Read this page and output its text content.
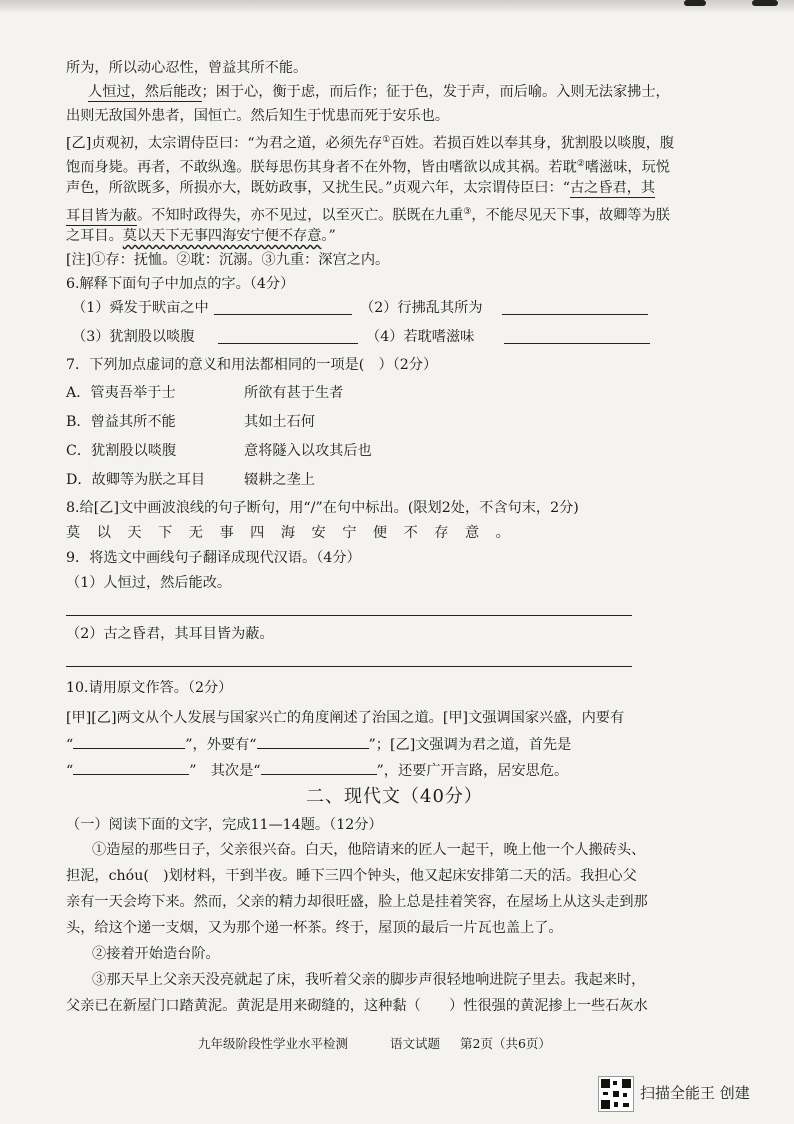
所为，所以动心忍性，曾益其所不能。
人恒过，然后能改；困于心，衡于虑，而后作；征于色，发于声，而后喻。入则无法家拂士，
出则无敌国外患者，国恒亡。然后知生于忧患而死于安乐也。
[乙]贞观初，太宗谓侍臣曰：“为君之道，必须先存①百姓。若损百姓以奉其身，犹割股以啖腹，腹
饱而身毙。再者，不敢纵逸。朕每思伤其身者不在外物，皆由嗜欲以成其祸。若耽②嗜滋味，玩悦
声色，所欲既多，所损亦大，既妨政事，又扰生民。”贞观六年，太宗谓侍臣曰：“古之昏君，其
耳目皆为蔽。不知时政得失，亦不见过，以至灭亡。朕既在九重③，不能尽见天下事，故卿等为朕
之耳目。莫以天下无事四海安宁便不存意。”
[注]①存：抚恤。②耽：沉溺。③九重：深宫之内。
6.解释下面句子中加点的字。（4分）
（1）舜发于畎亩之中	（2）行拂乱其所为
（3）犹割股以啖腹	（4）若耽嗜滋味
7．下列加点虚词的意义和用法都相同的一项是(　）（2分）
A．管夷吾举于士	所欲有甚于生者
B．曾益其所不能	其如土石何
C．犹割股以啖腹	意将隧入以攻其后也
D．故卿等为朕之耳目	辍耕之垄上
8.给[乙]文中画波浪线的句子断句，用“/”在句中标出。(限划2处，不含句末，2分)
莫以天下无事四海安宁便不存意。
9．将选文中画线句子翻译成现代汉语。（4分）
（1）人恒过，然后能改。
（2）古之昏君，其耳目皆为蔽。
10.请用原文作答。（2分）
[甲][乙]两文从个人发展与国家兴亡的角度阐述了治国之道。[甲]文强调国家兴盛，内要有
“	”，外要有“	”；[乙]文强调为君之道，首先是
“	”　其次是“	”，还要广开言路，居安思危。
二、现代文（40分）
（一）阅读下面的文字，完成11—14题。（12分）
①造屋的那些日子，父亲很兴奋。白天，他陪请来的匠人一起干，晚上他一个人搬砖头、
担泥，chóu(　)划材料，干到半夜。睡下三四个钟头，他又起床安排第二天的活。我担心父
亲有一天会垮下来。然而，父亲的精力却很旺盛，脸上总是挂着笑容，在屋场上从这头走到那
头，给这个递一支烟，又为那个递一杯茶。终于，屋顶的最后一片瓦也盖上了。
②接着开始造台阶。
③那天早上父亲天没亮就起了床，我听着父亲的脚步声很轻地响进院子里去。我起来时，
父亲已在新屋门口踏黄泥。黄泥是用来砌缝的，这种黏（　　）性很强的黄泥掺上一些石灰水
九年级阶段性学业水平检测	语文试题 第2页（共6页）
扫描全能王 创建
